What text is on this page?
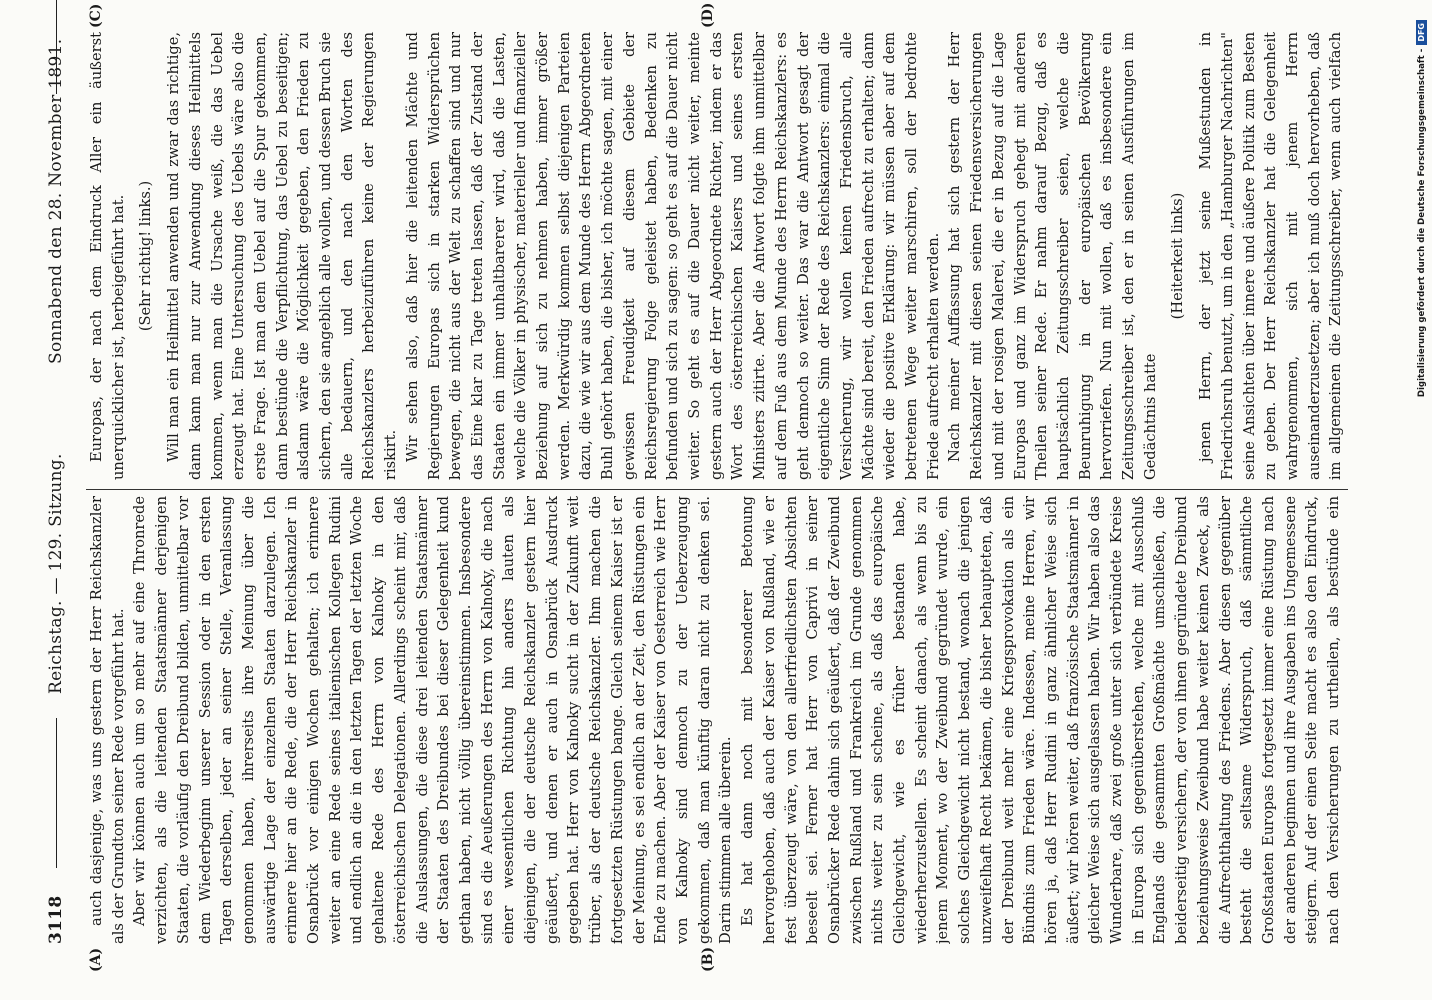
3118
Reichstag. — 129. Sitzung.
Sonnabend den 28. November 1891.
(A)	(B)
(C)	(D)

auch dasjenige, was uns gestern der Herr Reichskanzler als der Grundton seiner Rede vorgeführt hat. Aber wir können auch um so mehr auf eine Thronrede verzichten, als die leitenden Staatsmänner derjenigen Staaten, die vorläufig den Dreibund bilden, unmittelbar vor dem Wiederbeginn unserer Session oder in den ersten Tagen derselben, jeder an seiner Stelle, Veranlassung genommen haben, ihrerseits ihre Meinung über die auswärtige Lage der einzelnen Staaten darzulegen. Ich erinnere hier an die Rede, die der Herr Reichskanzler in Osnabrück vor einigen Wochen gehalten; ich erinnere weiter an eine Rede seines italienischen Kollegen Rudini und endlich an die in den letzten Tagen der letzten Woche gehaltene Rede des Herrn von Kalnoky in den österreichischen Delegationen. Allerdings scheint mir, daß die Auslassungen, die diese drei leitenden Staatsmänner der Staaten des Dreibundes bei dieser Gelegenheit kund gethan haben, nicht völlig übereinstimmen. Insbesondere sind es die Aeußerungen des Herrn von Kalnoky, die nach einer wesentlichen Richtung hin anders lauten als diejenigen, die der deutsche Reichskanzler gestern hier geäußert, und denen er auch in Osnabrück Ausdruck gegeben hat. Herr von Kalnoky sucht in der Zukunft weit trüber, als der deutsche Reichskanzler. Ihm machen die fortgesetzten Rüstungen bange. Gleich seinem Kaiser ist er der Meinung, es sei endlich an der Zeit, den Rüstungen ein Ende zu machen. Aber der Kaiser von Oesterreich wie Herr von Kalnoky sind dennoch zu der Ueberzeugung gekommen, daß man künftig daran nicht zu denken sei. Darin stimmen alle überein. Es hat dann noch mit besonderer Betonung hervorgehoben, daß auch der Kaiser von Rußland, wie er fest überzeugt wäre, von den allerfriedlichsten Absichten beseelt sei. Ferner hat Herr von Caprivi in seiner Osnabrücker Rede dahin sich geäußert, daß der Zweibund zwischen Rußland und Frankreich im Grunde genommen nichts weiter zu sein scheine, als daß das europäische Gleichgewicht, wie es früher bestanden habe, wiederherzustellen. Es scheint danach, als wenn bis zu jenem Moment, wo der Zweibund gegründet wurde, ein solches Gleichgewicht nicht bestand, wonach die jenigen unzweifelhaft Recht bekämen, die bisher behaupteten, daß der Dreibund weit mehr eine Kriegsprovokation als ein Bündnis zum Frieden wäre. Indessen, meine Herren, wir hören ja, daß Herr Rudini in ganz ähnlicher Weise sich äußert; wir hören weiter, daß französische Staatsmänner in gleicher Weise sich ausgelassen haben. Wir haben also das Wunderbare, daß zwei große unter sich verbündete Kreise in Europa sich gegenüberstehen, welche mit Ausschluß Englands die gesammten Großmächte umschließen, die beiderseitig versichern, der von ihnen gegründete Dreibund beziehungsweise Zweibund habe weiter keinen Zweck, als die Aufrechthaltung des Friedens. Aber diesen gegenüber besteht die seltsame Widerspruch, daß sämmtliche Großstaaten Europas fortgesetzt immer eine Rüstung nach der anderen beginnen und ihre Ausgaben ins Ungemessene steigern. Auf der einen Seite macht es also den Eindruck, nach den Versicherungen zu urtheilen, als bestünde ein

Europas, der nach dem Eindruck Aller ein äußerst unerquicklicher ist, herbeigeführt hat. (Sehr richtig! links.) Will man ein Heilmittel anwenden und zwar das richtige, dann kann man nur zur Anwendung dieses Heilmittels kommen, wenn man die Ursache weiß, die das Uebel erzeugt hat. Eine Untersuchung des Uebels wäre also die erste Frage. Ist man dem Uebel auf die Spur gekommen, dann bestünde die Verpflichtung, das Uebel zu beseitigen; alsdann wäre die Möglichkeit gegeben, den Frieden zu sichern, den sie angeblich alle wollen, und dessen Bruch sie alle bedauern, und den nach den Worten des Reichskanzlers herbeizuführen keine der Regierungen riskirt. Wir sehen also, daß hier die leitenden Mächte und Regierungen Europas sich in starken Widersprüchen bewegen, die nicht aus der Welt zu schaffen sind und nur das Eine klar zu Tage treten lassen, daß der Zustand der Staaten ein immer unhaltbarerer wird, daß die Lasten, welche die Völker in physischer, materieller und finanzieller Beziehung auf sich zu nehmen haben, immer größer werden. Merkwürdig kommen selbst diejenigen Parteien dazu, die wie wir aus dem Munde des Herrn Abgeordneten Buhl gehört haben, die bisher, ich möchte sagen, mit einer gewissen Freudigkeit auf diesem Gebiete der Reichsregierung Folge geleistet haben, Bedenken zu befunden und sich zu sagen: so geht es auf die Dauer nicht weiter. So geht es auf die Dauer nicht weiter, meinte gestern auch der Herr Abgeordnete Richter, indem er das Wort des österreichischen Kaisers und seines ersten Ministers zitirte. Aber die Antwort folgte ihm unmittelbar auf dem Fuß aus dem Munde des Herrn Reichskanzlers: es geht dennoch so weiter. Das war die Antwort gesagt der eigentliche Sinn der Rede des Reichskanzlers: einmal die Versicherung, wir wollen keinen Friedensbruch, alle Mächte sind bereit, den Frieden aufrecht zu erhalten; dann wieder die positive Erklärung: wir müssen aber auf dem betretenen Wege weiter marschiren, soll der bedrohte Friede aufrecht erhalten werden. Nach meiner Auffassung hat sich gestern der Herr Reichskanzler mit diesen seinen Friedensversicherungen und mit der rosigen Malerei, die er in Bezug auf die Lage Europas und ganz im Widerspruch gehegt mit anderen Theilen seiner Rede. Er nahm darauf Bezug, daß es hauptsächlich Zeitungsschreiber seien, welche die Beunruhigung in der europäischen Bevölkerung hervorriefen. Nun mit wollen, daß es insbesondere ein Zeitungsschreiber ist, den er in seinen Ausführungen im Gedächtnis hatte

(Heiterkeit links)

jenen Herrn, der jetzt seine Mußestunden in Friedrichsruh benutzt, um in den „Hamburger Nachrichten" seine Ansichten über innere und äußere Politik zum Besten zu geben. Der Herr Reichskanzler hat die Gelegenheit wahrgenommen, sich mit jenem Herrn auseinanderzusetzen; aber ich muß doch hervorheben, daß im allgemeinen die Zeitungsschreiber, wenn auch vielfach	Digitalisierung gefördert durch die Deutsche Forschungsgemeinschaft -DFG
